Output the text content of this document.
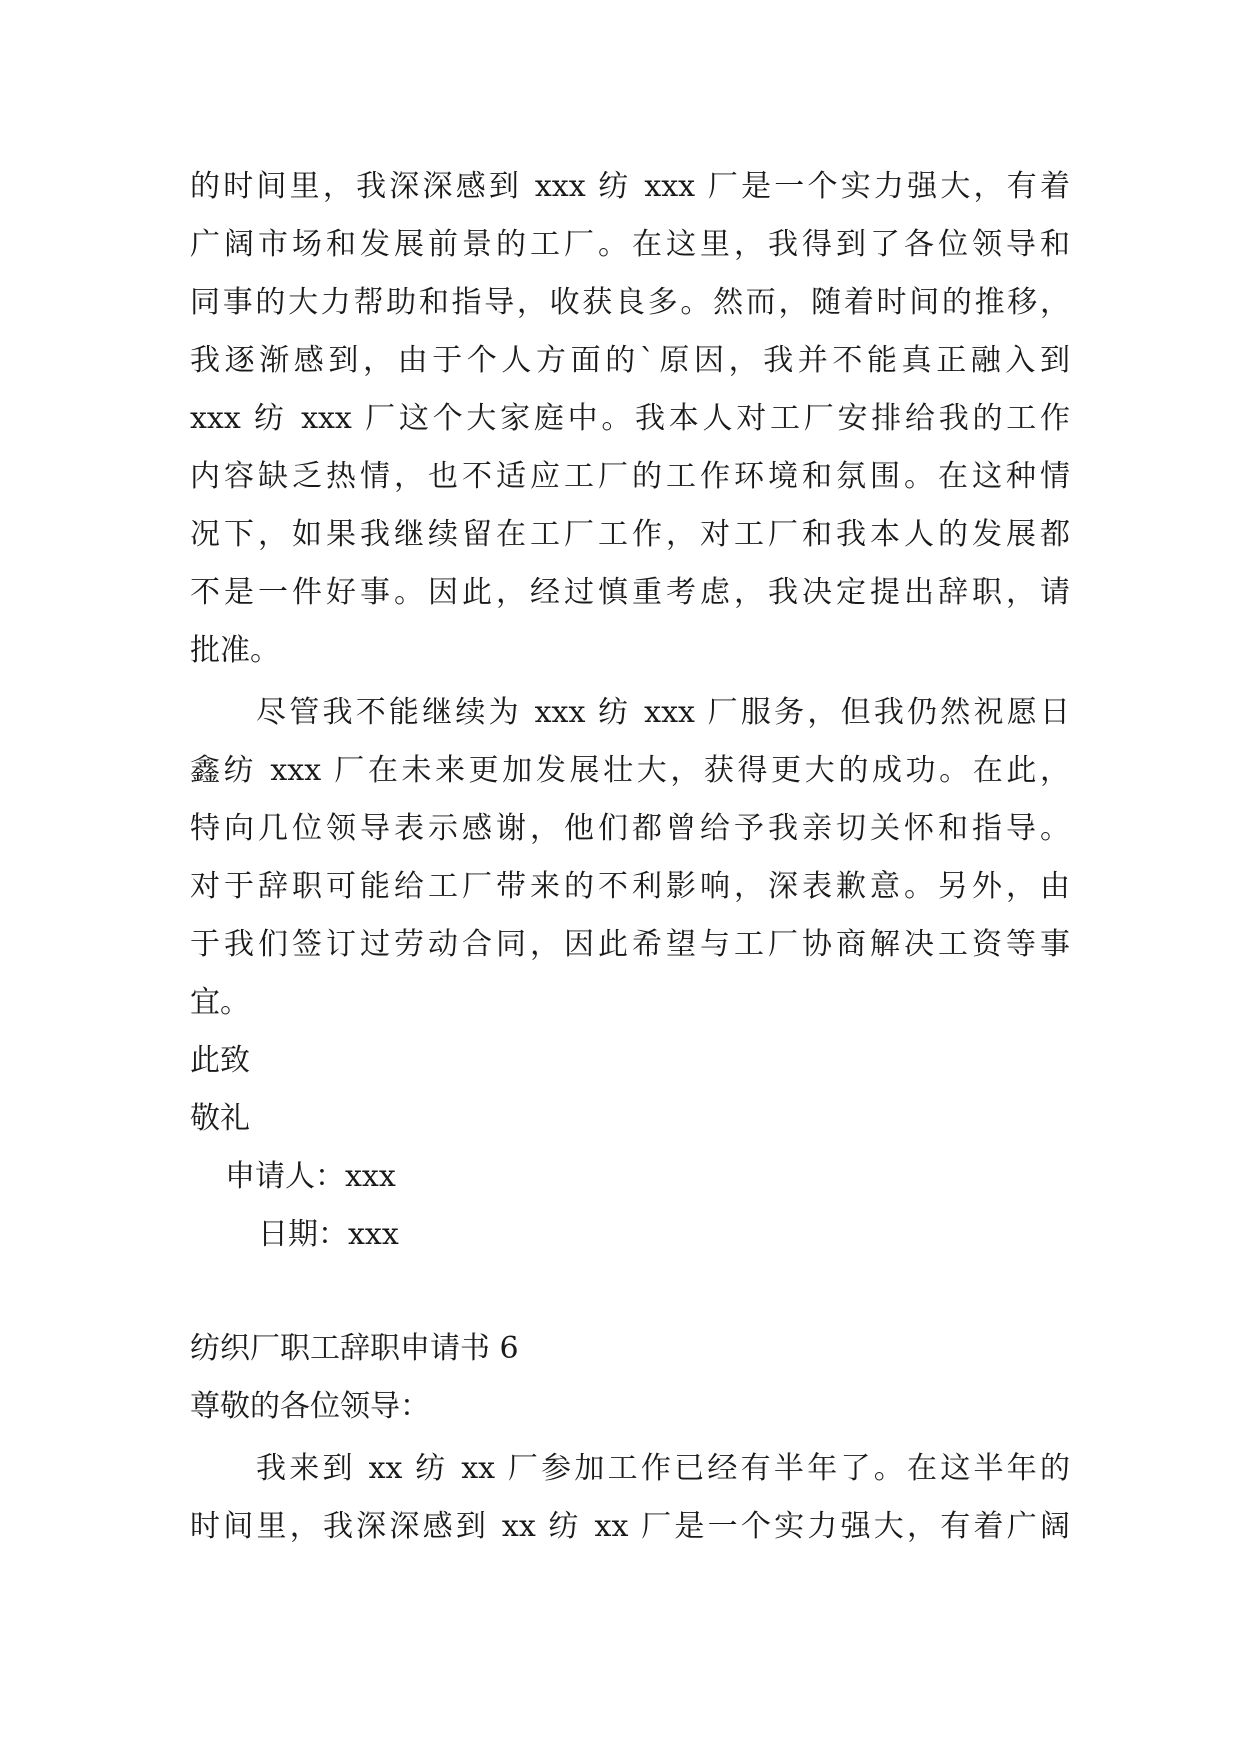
的时间里，我深深感到 xxx 纺 xxx 厂是一个实力强大，有着
广阔市场和发展前景的工厂。在这里，我得到了各位领导和
同事的大力帮助和指导，收获良多。然而，随着时间的推移，
我逐渐感到，由于个人方面的`原因，我并不能真正融入到
xxx 纺 xxx 厂这个大家庭中。我本人对工厂安排给我的工作
内容缺乏热情，也不适应工厂的工作环境和氛围。在这种情
况下，如果我继续留在工厂工作，对工厂和我本人的发展都
不是一件好事。因此，经过慎重考虑，我决定提出辞职，请
批准。
尽管我不能继续为 xxx 纺 xxx 厂服务，但我仍然祝愿日
鑫纺 xxx 厂在未来更加发展壮大，获得更大的成功。在此，
特向几位领导表示感谢，他们都曾给予我亲切关怀和指导。
对于辞职可能给工厂带来的不利影响，深表歉意。另外，由
于我们签订过劳动合同，因此希望与工厂协商解决工资等事
宜。
此致
敬礼
申请人：xxx
日期：xxx
纺织厂职工辞职申请书 6
尊敬的各位领导：
我来到 xx 纺 xx 厂参加工作已经有半年了。在这半年的
时间里，我深深感到 xx 纺 xx 厂是一个实力强大，有着广阔
